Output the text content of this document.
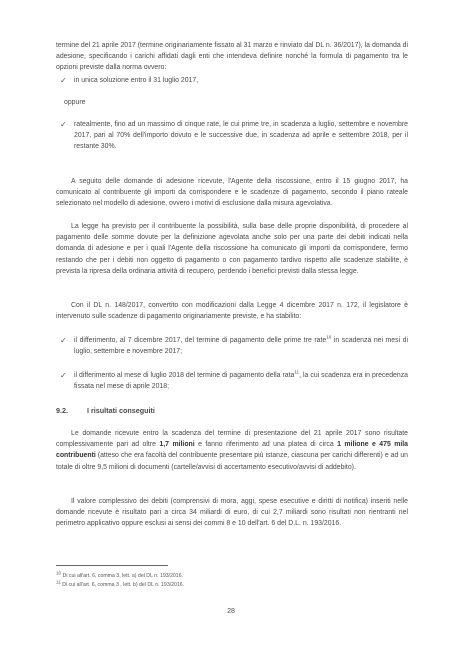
termine del 21 aprile 2017 (termine originariamente fissato al 31 marzo e rinviato dal DL n. 36/2017), la domanda di adesione, specificando i carichi affidati dagli enti che intendeva definire nonché la formula di pagamento tra le opzioni previste dalla norma ovvero:

✓	in unica soluzione entro il 31 luglio 2017,

oppure
✓	ratealmente, fino ad un massimo di cinque rate, le cui prime tre, in scadenza a luglio, settembre e novembre 2017, pari al 70% dell'importo dovuto e le successive due, in scadenza ad aprile e settembre 2018, per il restante 30%.

A seguito delle domande di adesione ricevute, l'Agente della riscossione, entro il 15 giugno 2017, ha comunicato al contribuente gli importi da corrispondere e le scadenze di pagamento, secondo il piano rateale selezionato nel modello di adesione, ovvero i motivi di esclusione dalla misura agevolativa.

La legge ha previsto per il contribuente la possibilità, sulla base delle proprie disponibilità, di procedere al pagamento delle somme dovute per la definizione agevolata anche solo per una parte dei debiti indicati nella domanda di adesione e per i quali l'Agente della riscossione ha comunicato gli importi da corrispondere, fermo restando che per i debiti non oggetto di pagamento o con pagamento tardivo rispetto alle scadenze stabilite, è prevista la ripresa della ordinaria attività di recupero, perdendo i benefici previsti dalla stessa legge.

Con il DL n. 148/2017, convertito con modificazioni dalla Legge 4 dicembre 2017 n. 172, il legislatore è intervenuto sulle scadenze di pagamento originariamente previste, e ha stabilito:

✓	il differimento, al 7 dicembre 2017, del termine di pagamento delle prime tre rate$^{10}$ in scadenza nei mesi di luglio, settembre e novembre 2017;

✓	il differimento al mese di luglio 2018 del termine di pagamento della rata$^{11}$, la cui scadenza era in precedenza fissata nel mese di aprile 2018;

9.2.	I risultati conseguiti

Le domande ricevute entro la scadenza del termine di presentazione del 21 aprile 2017 sono risultate complessivamente pari ad oltre 1,7 milioni e fanno riferimento ad una platea di circa 1 milione e 475 mila contribuenti (atteso che era facoltà del contribuente presentare più istanze, ciascuna per carichi differenti) e ad un totale di oltre 9,5 milioni di documenti (cartelle/avvisi di accertamento esecutivo/avvisi di addebito).

Il valore complessivo dei debiti (comprensivi di mora, aggi, spese esecutive e diritti di notifica) inseriti nelle domande ricevute è risultato pari a circa 34 miliardi di euro, di cui 2,7 miliardi sono risultati non rientranti nel perimetro applicativo oppure esclusi ai sensi dei commi 8 e 10 dell'art. 6 del D.L. n. 193/2016.

$^{10}$ Di cui all'art. 6, comma 3, lett. a) del DL n. 193/2016.
$^{11}$ Di cui all'art. 6, comma 3 , lett. b) del DL n. 193/2016.
28
